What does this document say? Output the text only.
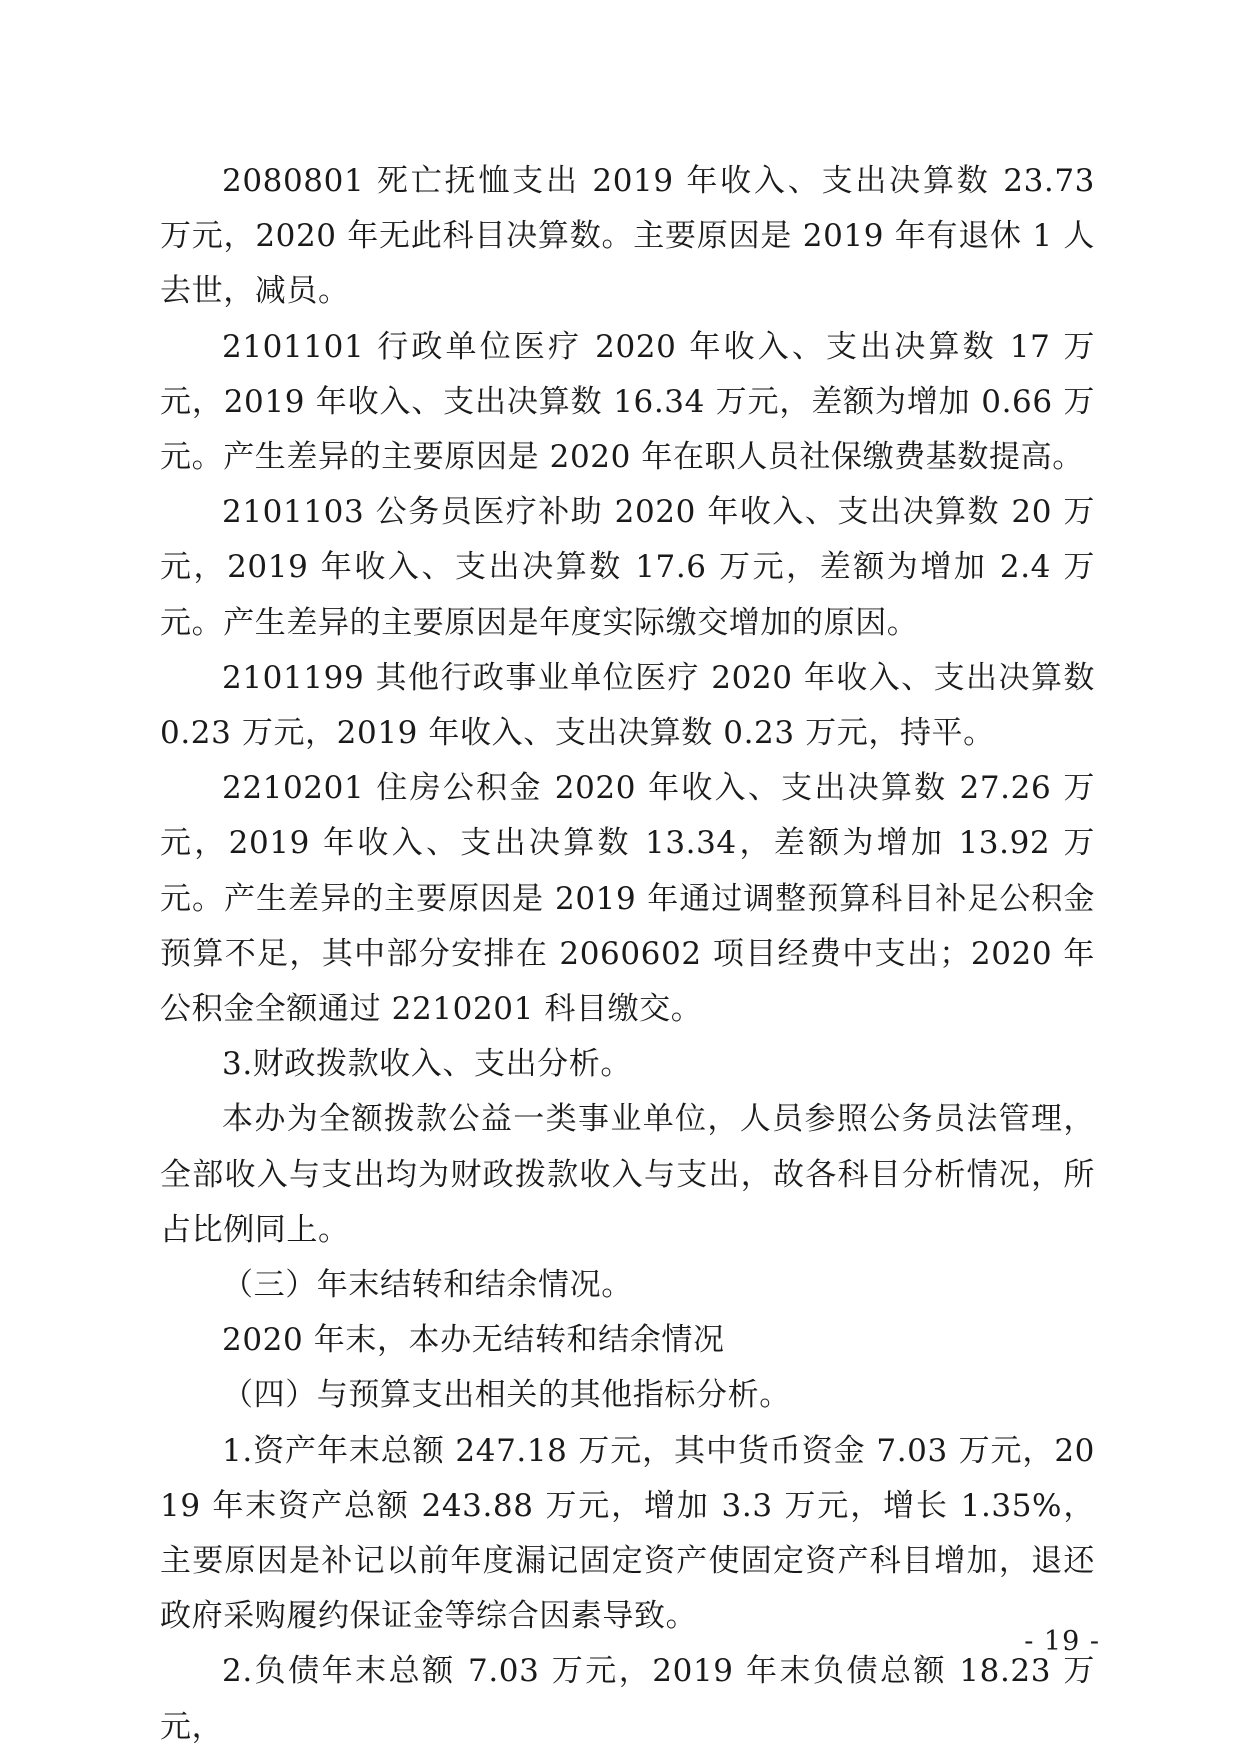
2080801 死亡抚恤支出 2019 年收入、支出决算数 23.73 万元，2020 年无此科目决算数。主要原因是 2019 年有退休 1 人去世，减员。

2101101 行政单位医疗 2020 年收入、支出决算数 17 万元，2019 年收入、支出决算数 16.34 万元，差额为增加 0.66 万元。产生差异的主要原因是 2020 年在职人员社保缴费基数提高。

2101103 公务员医疗补助 2020 年收入、支出决算数 20 万元，2019 年收入、支出决算数 17.6 万元，差额为增加 2.4 万元。产生差异的主要原因是年度实际缴交增加的原因。

2101199 其他行政事业单位医疗 2020 年收入、支出决算数 0.23 万元，2019 年收入、支出决算数 0.23 万元，持平。

2210201 住房公积金 2020 年收入、支出决算数 27.26 万元，2019 年收入、支出决算数 13.34，差额为增加 13.92 万元。产生差异的主要原因是 2019 年通过调整预算科目补足公积金预算不足，其中部分安排在 2060602 项目经费中支出；2020 年公积金全额通过 2210201 科目缴交。

3.财政拨款收入、支出分析。

本办为全额拨款公益一类事业单位，人员参照公务员法管理，全部收入与支出均为财政拨款收入与支出，故各科目分析情况，所占比例同上。

（三）年末结转和结余情况。

2020 年末，本办无结转和结余情况

（四）与预算支出相关的其他指标分析。

1.资产年末总额 247.18 万元，其中货币资金 7.03 万元，2019 年末资产总额 243.88 万元，增加 3.3 万元，增长 1.35%，主要原因是补记以前年度漏记固定资产使固定资产科目增加，退还政府采购履约保证金等综合因素导致。

2.负债年末总额 7.03 万元，2019 年末负债总额 18.23 万元，

- 19 -
